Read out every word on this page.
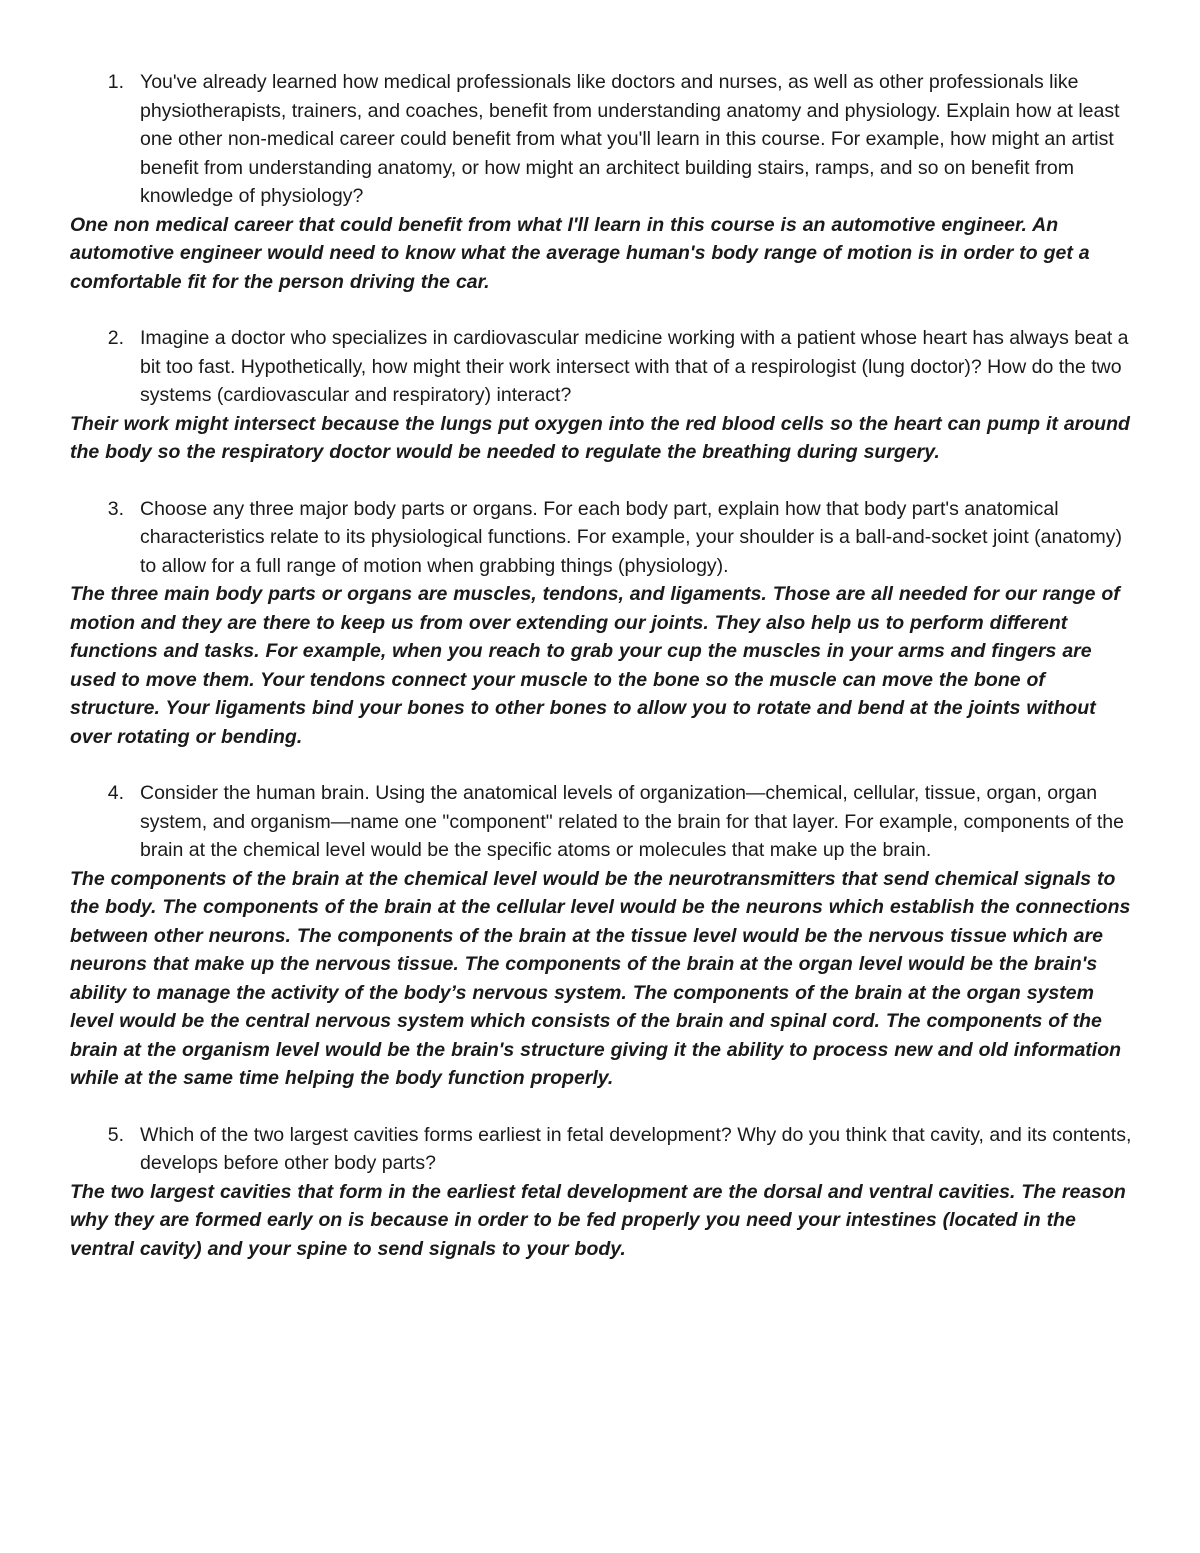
1. You've already learned how medical professionals like doctors and nurses, as well as other professionals like physiotherapists, trainers, and coaches, benefit from understanding anatomy and physiology. Explain how at least one other non-medical career could benefit from what you'll learn in this course. For example, how might an artist benefit from understanding anatomy, or how might an architect building stairs, ramps, and so on benefit from knowledge of physiology?

One non medical career that could benefit from what I'll learn in this course is an automotive engineer. An automotive engineer would need to know what the average human's body range of motion is in order to get a comfortable fit for the person driving the car.

2. Imagine a doctor who specializes in cardiovascular medicine working with a patient whose heart has always beat a bit too fast. Hypothetically, how might their work intersect with that of a respirologist (lung doctor)? How do the two systems (cardiovascular and respiratory) interact?

Their work might intersect because the lungs put oxygen into the red blood cells so the heart can pump it around the body so the respiratory doctor would be needed to regulate the breathing during surgery.

3. Choose any three major body parts or organs. For each body part, explain how that body part's anatomical characteristics relate to its physiological functions. For example, your shoulder is a ball-and-socket joint (anatomy) to allow for a full range of motion when grabbing things (physiology).

The three main body parts or organs are muscles, tendons, and ligaments. Those are all needed for our range of motion and they are there to keep us from over extending our joints. They also help us to perform different functions and tasks. For example, when you reach to grab your cup the muscles in your arms and fingers are used to move them. Your tendons connect your muscle to the bone so the muscle can move the bone of structure. Your ligaments bind your bones to other bones to allow you to rotate and bend at the joints without over rotating or bending.

4. Consider the human brain. Using the anatomical levels of organization—chemical, cellular, tissue, organ, organ system, and organism—name one "component" related to the brain for that layer. For example, components of the brain at the chemical level would be the specific atoms or molecules that make up the brain.

The components of the brain at the chemical level would be the neurotransmitters that send chemical signals to the body. The components of the brain at the cellular level would be the neurons which establish the connections between other neurons. The components of the brain at the tissue level would be the nervous tissue which are neurons that make up the nervous tissue. The components of the brain at the organ level would be the brain's ability to manage the activity of the body’s nervous system. The components of the brain at the organ system level would be the central nervous system which consists of the brain and spinal cord. The components of the brain at the organism level would be the brain's structure giving it the ability to process new and old information while at the same time helping the body function properly.

5. Which of the two largest cavities forms earliest in fetal development? Why do you think that cavity, and its contents, develops before other body parts?

The two largest cavities that form in the earliest fetal development are the dorsal and ventral cavities. The reason why they are formed early on is because in order to be fed properly you need your intestines (located in the ventral cavity) and your spine to send signals to your body.
